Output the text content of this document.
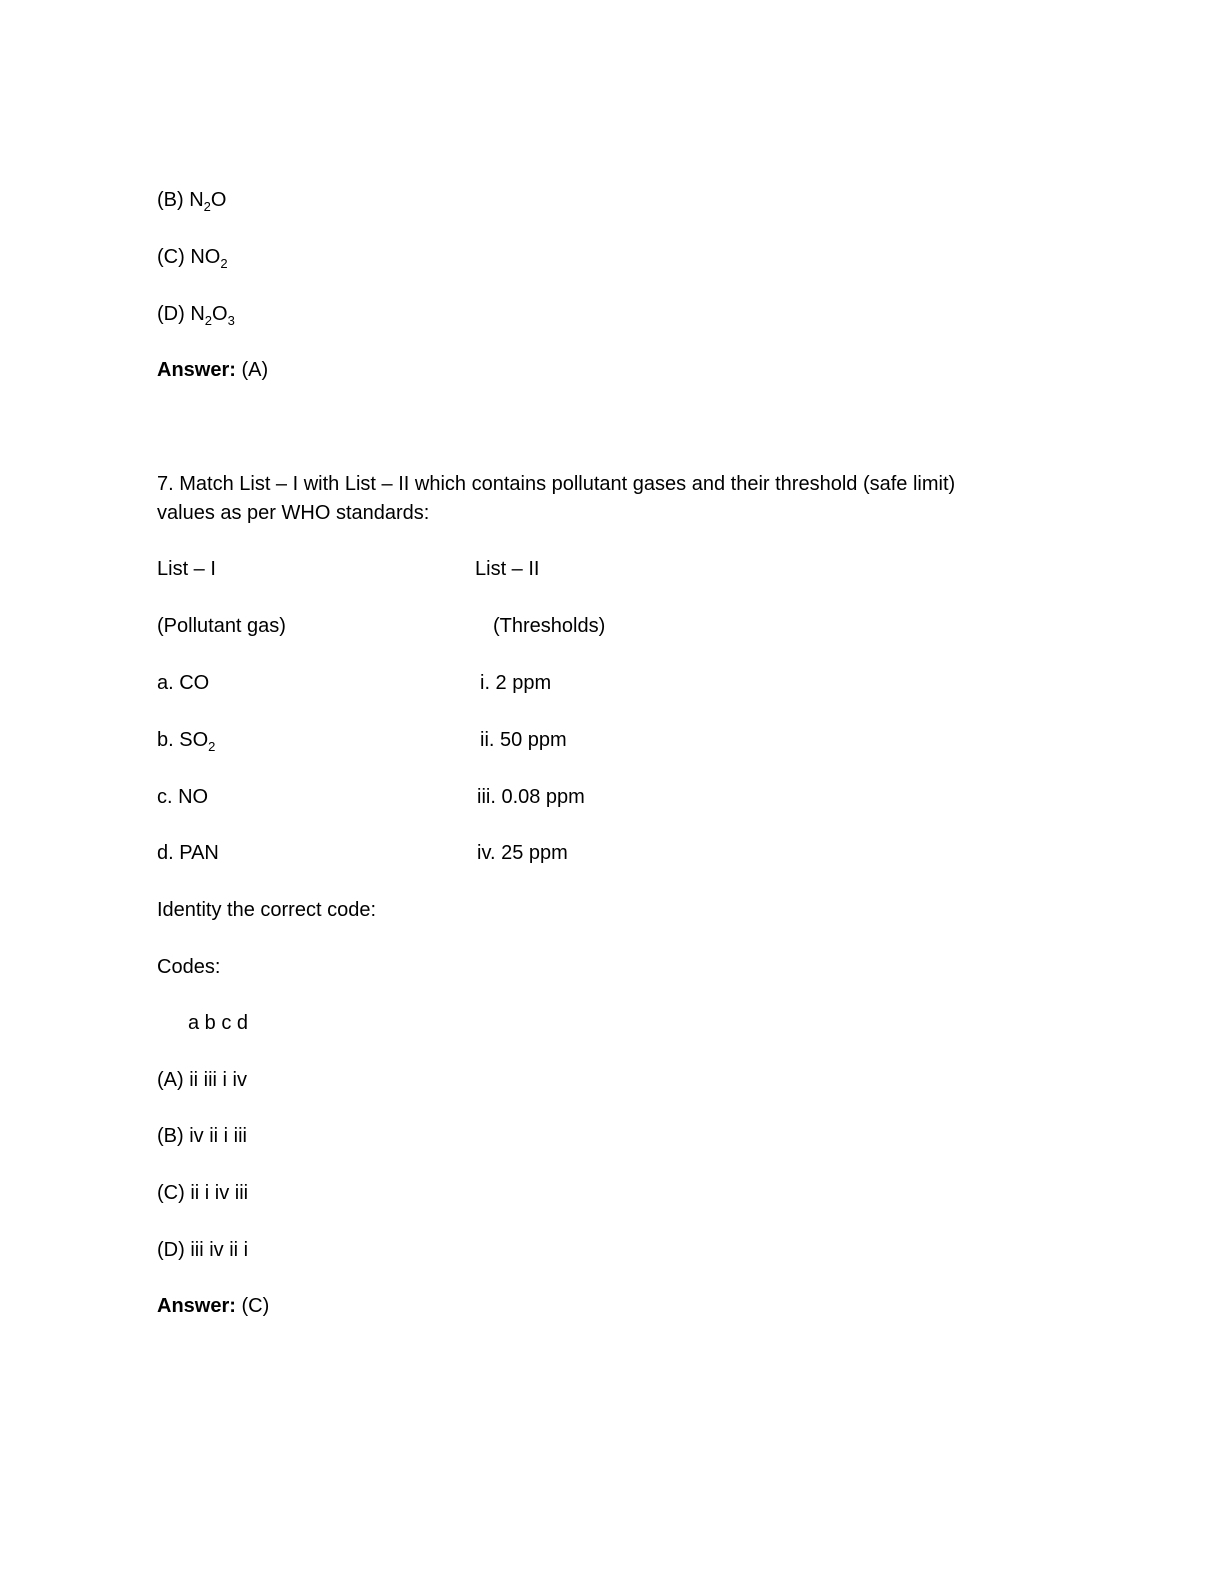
(B) $N_2O$
(C) $NO_2$
(D) $N_2O_3$
Answer: (A)
7. Match List – I with List – II which contains pollutant gases and their threshold (safe limit)
values as per WHO standards:
List – I	List – II
(Pollutant gas)	(Thresholds)
a. CO	i. 2 ppm
b. $SO_2$	ii. 50 ppm
c. NO	iii. 0.08 ppm
d. PAN	iv. 25 ppm
Identity the correct code:
Codes:
a b c d
(A) ii iii i iv
(B) iv ii i iii
(C) ii i iv iii
(D) iii iv ii i
Answer: (C)
